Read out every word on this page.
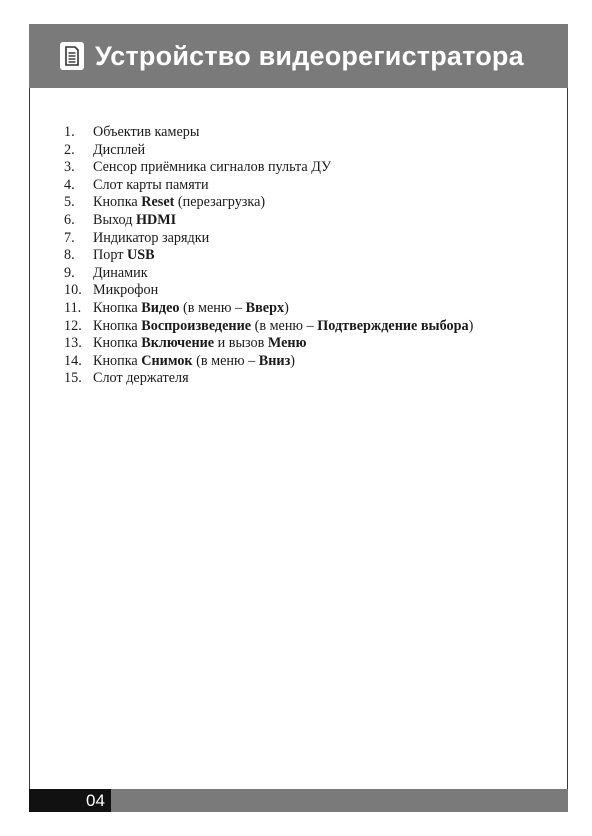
Устройство видеорегистратора
1.	Объектив камеры
2.	Дисплей
3.	Сенсор приёмника сигналов пульта ДУ
4.	Слот карты памяти
5.	Кнопка Reset (перезагрузка)
6.	Выход HDMI
7.	Индикатор зарядки
8.	Порт USB
9.	Динамик
10. Микрофон
11. Кнопка Видео (в меню – Вверх)
12. Кнопка Воспроизведение (в меню – Подтверждение выбора)
13. Кнопка Включение и вызов Меню
14. Кнопка Снимок (в меню – Вниз)
15. Слот держателя
04
